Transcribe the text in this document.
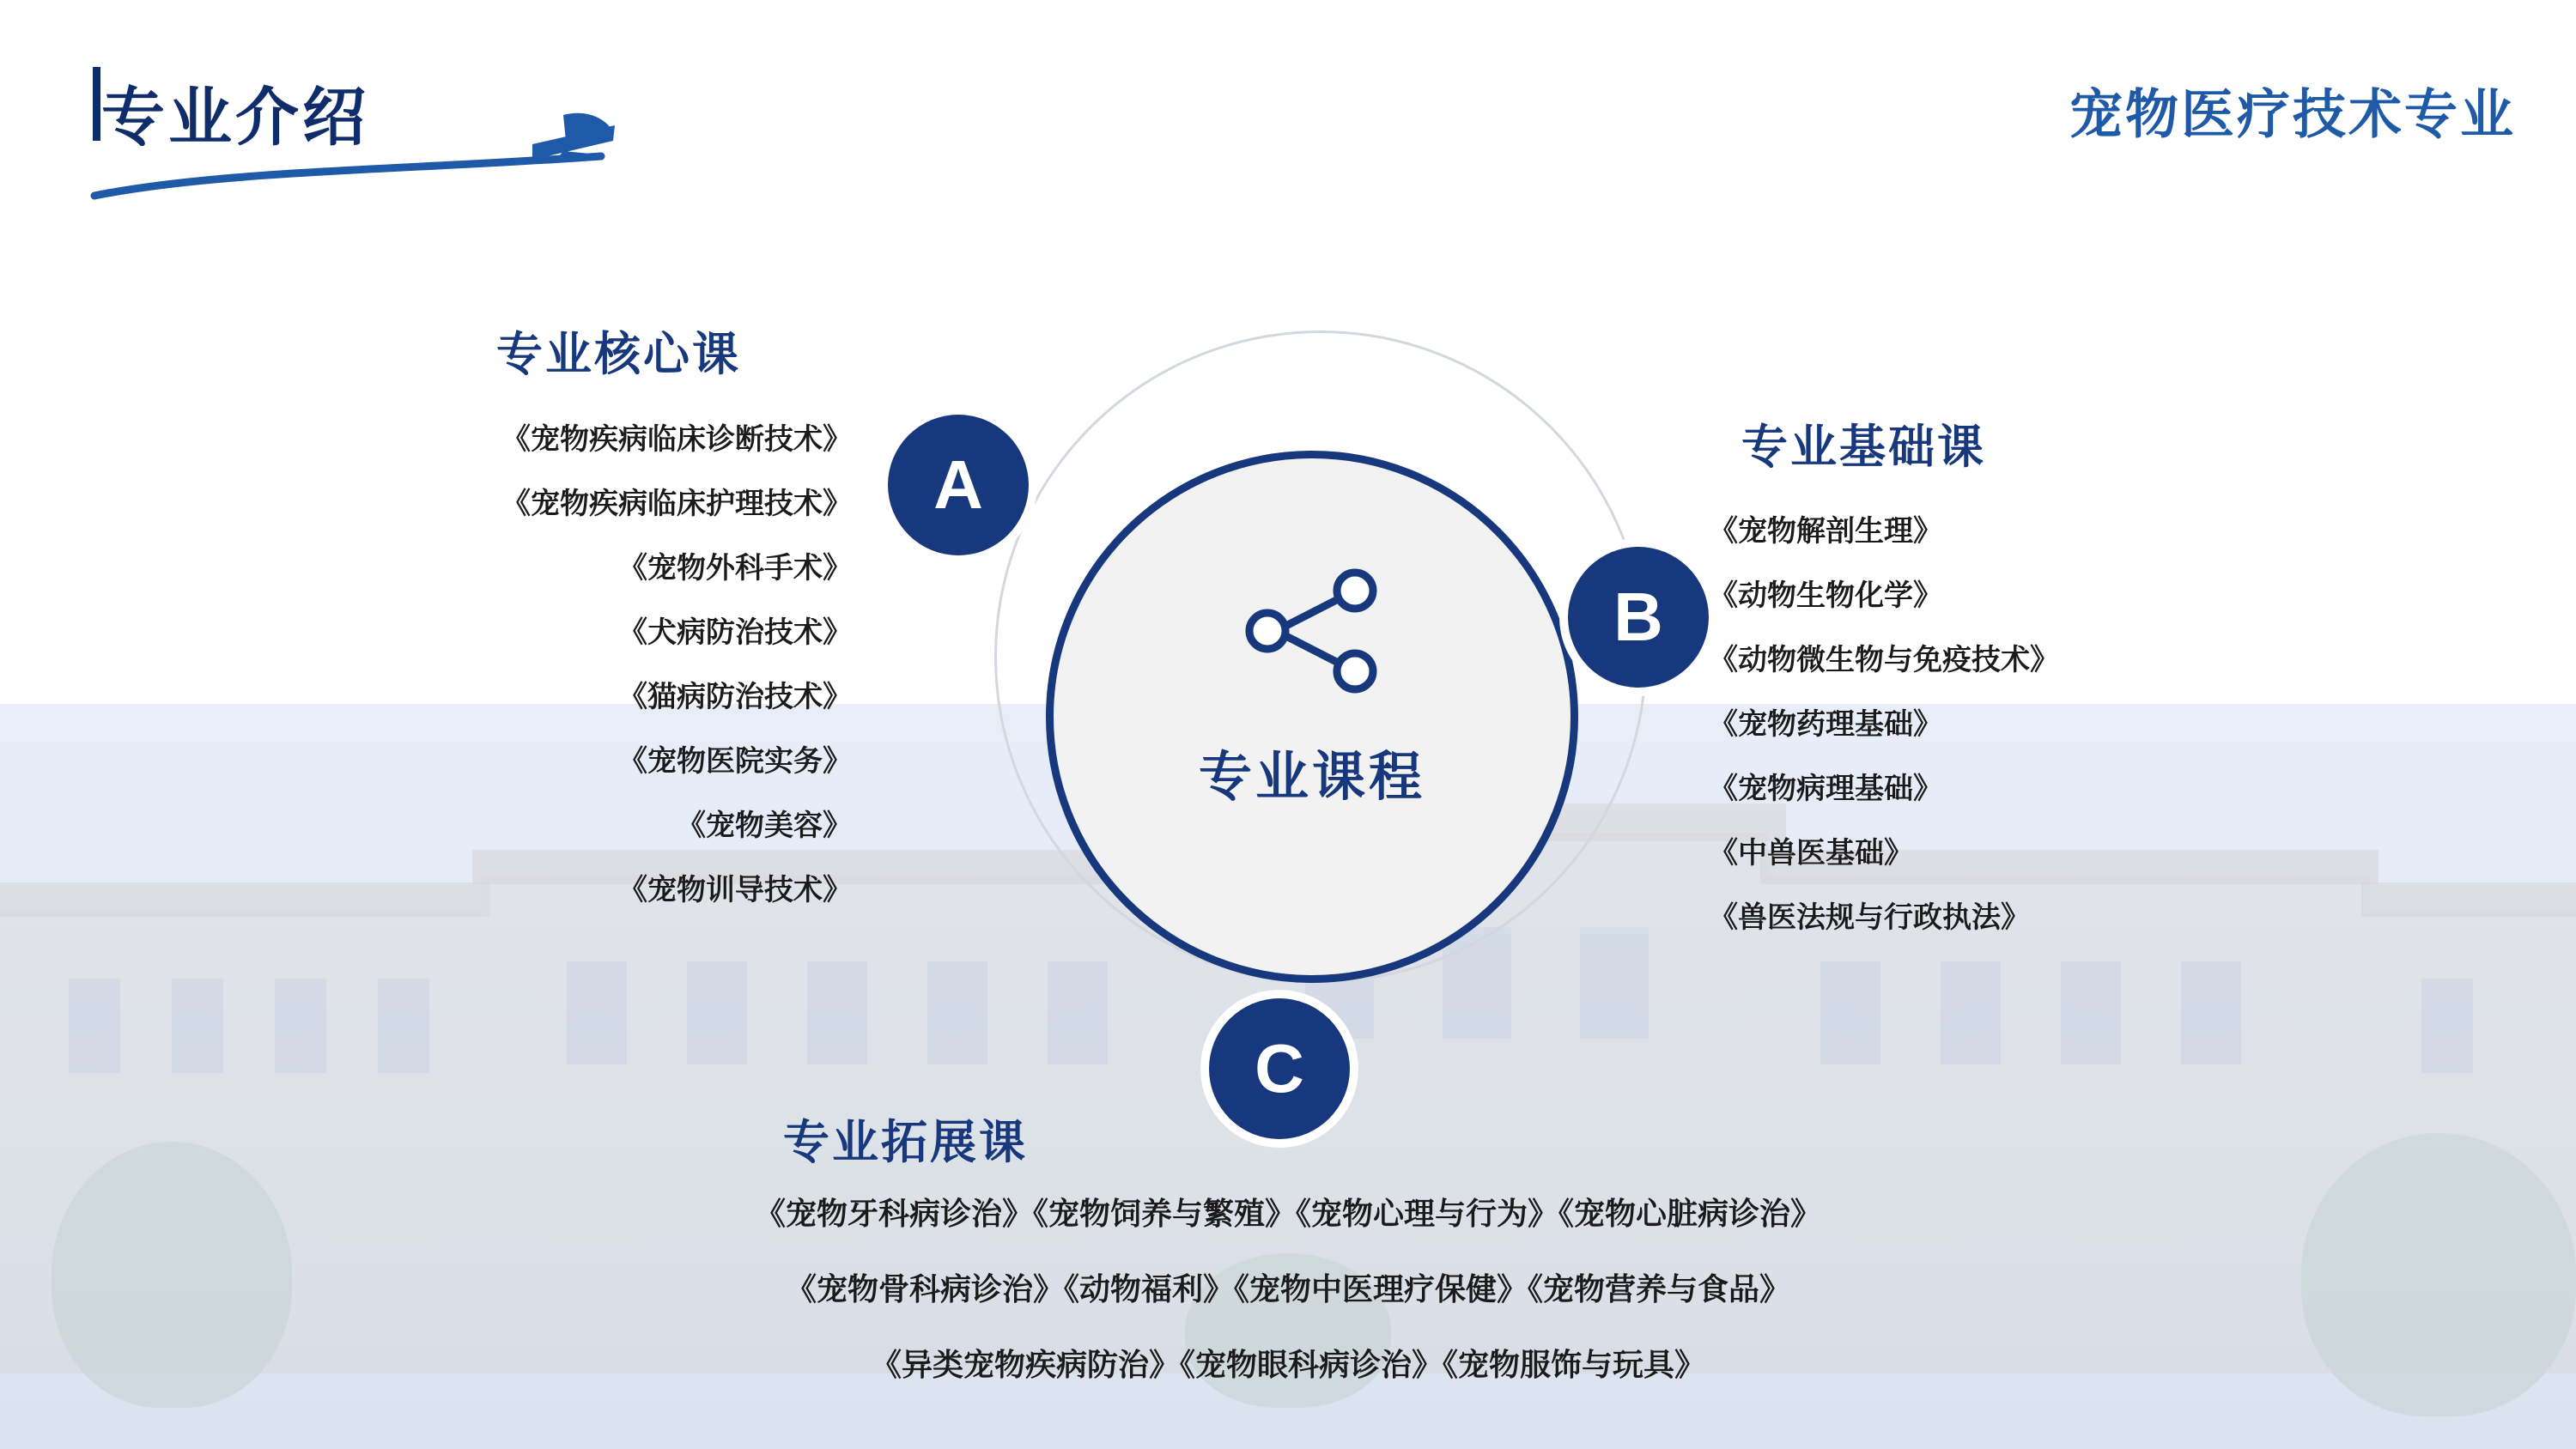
专业介绍	宠物医疗技术专业
专业课程
A
B
C
专业核心课
《宠物疾病临床诊断技术》
《宠物疾病临床护理技术》
《宠物外科手术》
《犬病防治技术》
《猫病防治技术》
《宠物医院实务》
《宠物美容》
《宠物训导技术》
专业基础课
《宠物解剖生理》
《动物生物化学》
《动物微生物与免疫技术》
《宠物药理基础》
《宠物病理基础》
《中兽医基础》
《兽医法规与行政执法》
专业拓展课
《宠物牙科病诊治》《宠物饲养与繁殖》《宠物心理与行为》《宠物心脏病诊治》
《宠物骨科病诊治》《动物福利》《宠物中医理疗保健》《宠物营养与食品》
《异类宠物疾病防治》《宠物眼科病诊治》《宠物服饰与玩具》
